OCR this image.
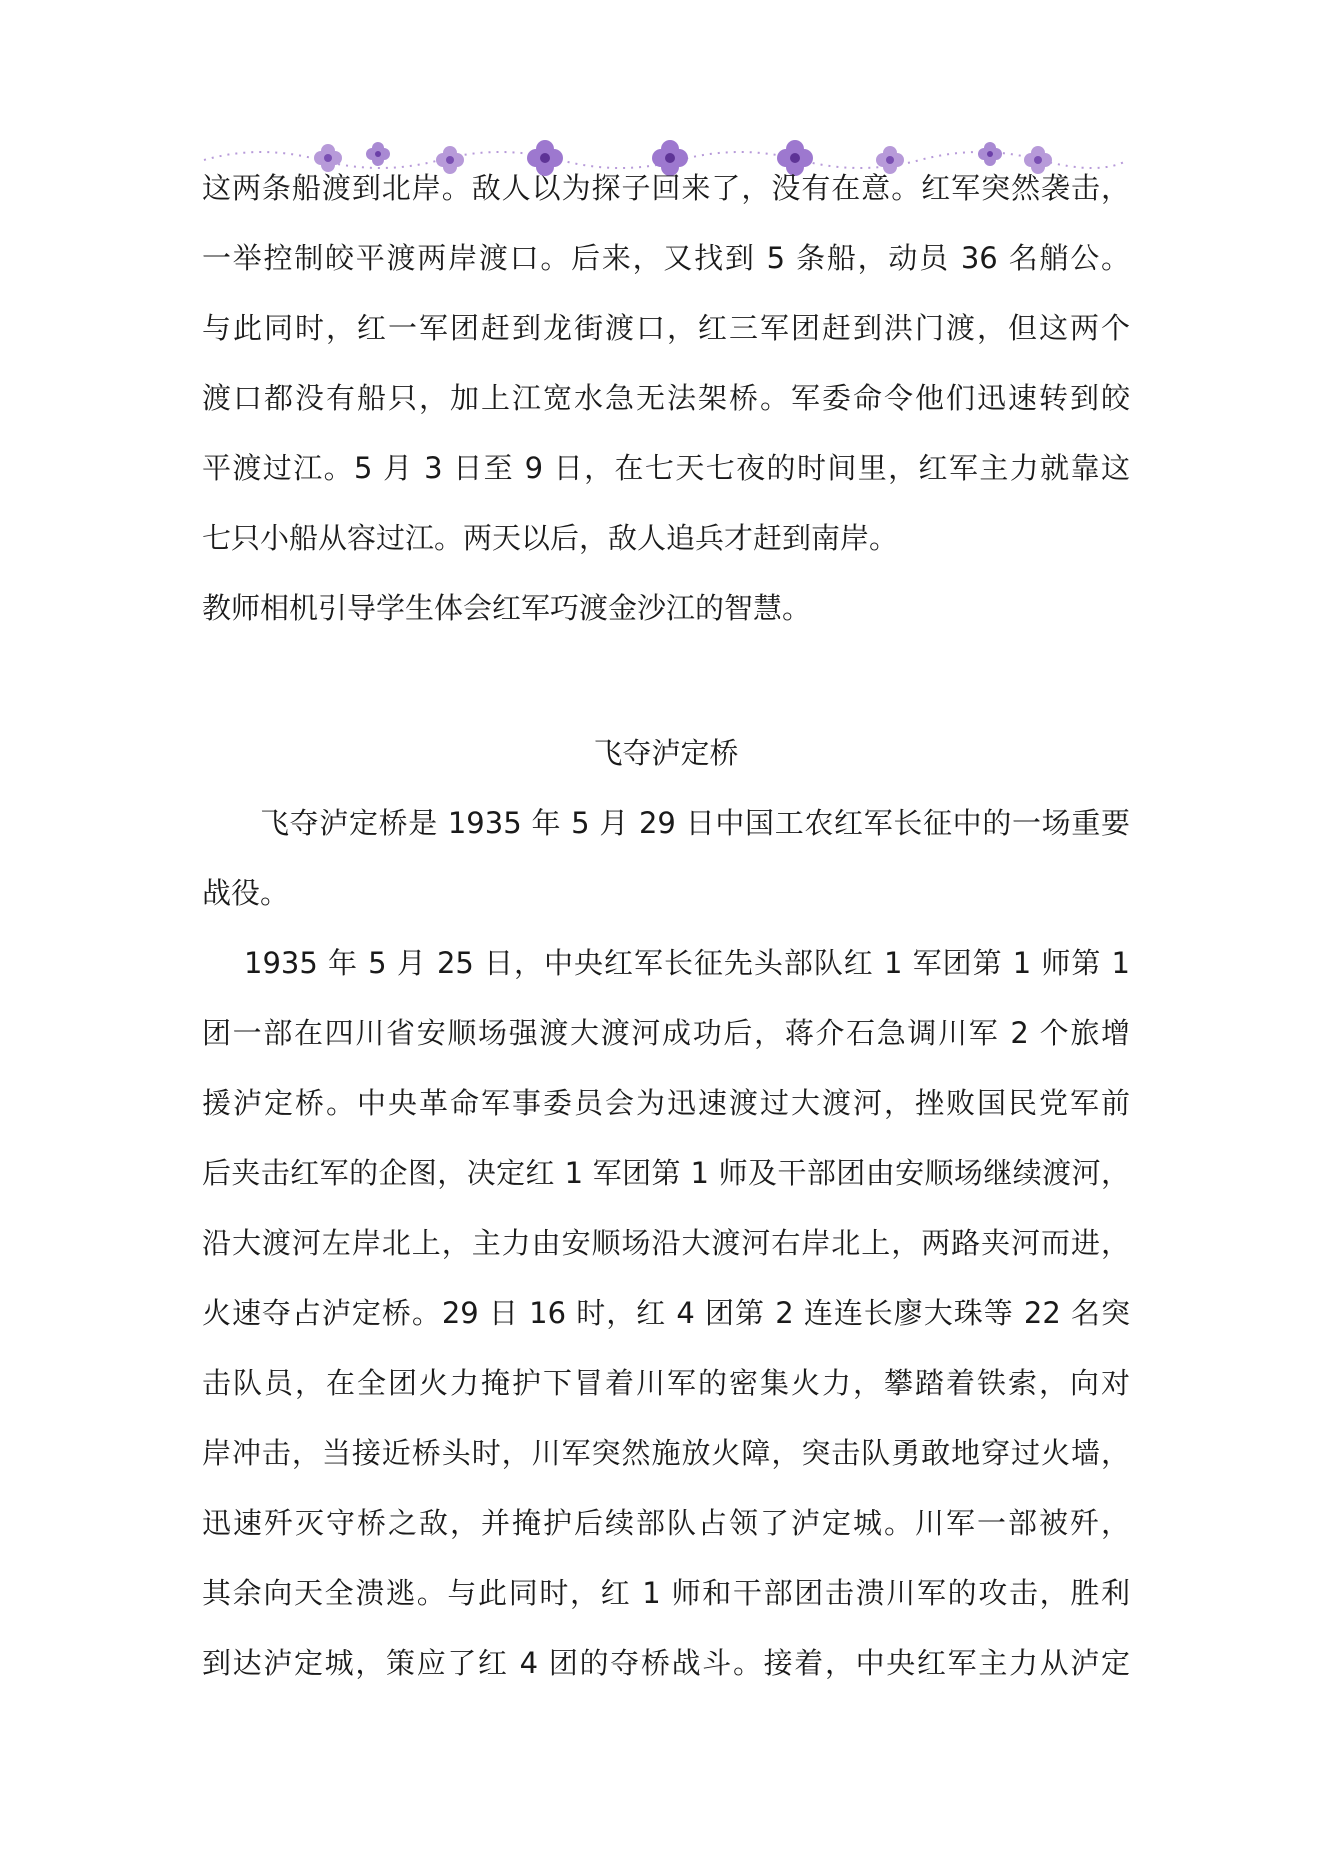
这两条船渡到北岸。敌人以为探子回来了，没有在意。红军突然袭击，
一举控制皎平渡两岸渡口。后来，又找到 5 条船，动员 36 名艄公。
与此同时，红一军团赶到龙街渡口，红三军团赶到洪门渡，但这两个
渡口都没有船只，加上江宽水急无法架桥。军委命令他们迅速转到皎
平渡过江。5 月 3 日至 9 日，在七天七夜的时间里，红军主力就靠这
七只小船从容过江。两天以后，敌人追兵才赶到南岸。
教师相机引导学生体会红军巧渡金沙江的智慧。
飞夺泸定桥
飞夺泸定桥是 1935 年 5 月 29 日中国工农红军长征中的一场重要
战役。
1935 年 5 月 25 日，中央红军长征先头部队红 1 军团第 1 师第 1
团一部在四川省安顺场强渡大渡河成功后，蒋介石急调川军 2 个旅增
援泸定桥。中央革命军事委员会为迅速渡过大渡河，挫败国民党军前
后夹击红军的企图，决定红 1 军团第 1 师及干部团由安顺场继续渡河，
沿大渡河左岸北上，主力由安顺场沿大渡河右岸北上，两路夹河而进，
火速夺占泸定桥。29 日 16 时，红 4 团第 2 连连长廖大珠等 22 名突
击队员，在全团火力掩护下冒着川军的密集火力，攀踏着铁索，向对
岸冲击，当接近桥头时，川军突然施放火障，突击队勇敢地穿过火墙，
迅速歼灭守桥之敌，并掩护后续部队占领了泸定城。川军一部被歼，
其余向天全溃逃。与此同时，红 1 师和干部团击溃川军的攻击，胜利
到达泸定城，策应了红 4 团的夺桥战斗。接着，中央红军主力从泸定
